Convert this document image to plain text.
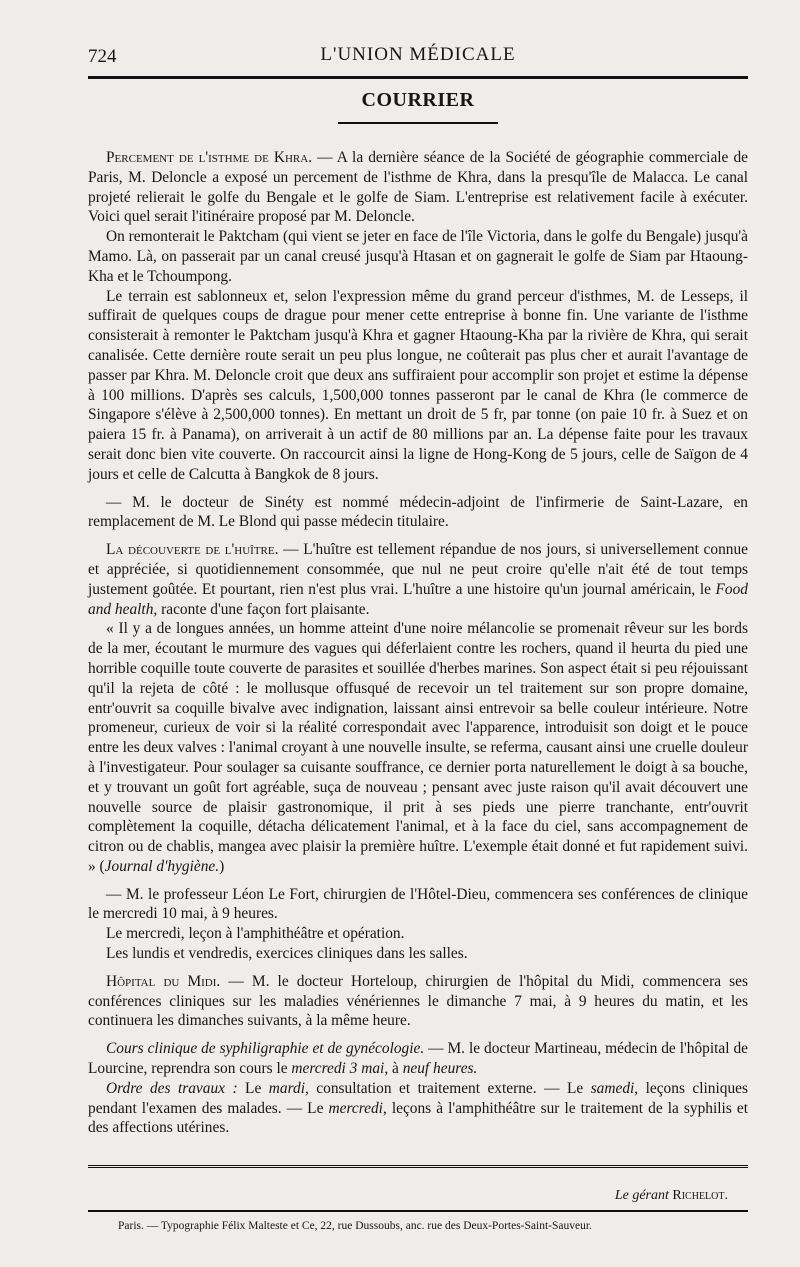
724	L'UNION MÉDICALE
COURRIER

Percement de l'isthme de Khra. — A la dernière séance de la Société de géographie commerciale de Paris, M. Deloncle a exposé un percement de l'isthme de Khra, dans la presqu'île de Malacca. Le canal projeté relierait le golfe du Bengale et le golfe de Siam. L'entreprise est relativement facile à exécuter. Voici quel serait l'itinéraire proposé par M. Deloncle.

On remonterait le Paktcham (qui vient se jeter en face de l'île Victoria, dans le golfe du Bengale) jusqu'à Mamo. Là, on passerait par un canal creusé jusqu'à Htasan et on gagnerait le golfe de Siam par Htaoung-Kha et le Tchoumpong.

Le terrain est sablonneux et, selon l'expression même du grand perceur d'isthmes, M. de Lesseps, il suffirait de quelques coups de drague pour mener cette entreprise à bonne fin. Une variante de l'isthme consisterait à remonter le Paktcham jusqu'à Khra et gagner Htaoung-Kha par la rivière de Khra, qui serait canalisée. Cette dernière route serait un peu plus longue, ne coûterait pas plus cher et aurait l'avantage de passer par Khra. M. Deloncle croit que deux ans suffiraient pour accomplir son projet et estime la dépense à 100 millions. D'après ses calculs, 1,500,000 tonnes passeront par le canal de Khra (le commerce de Singapore s'élève à 2,500,000 tonnes). En mettant un droit de 5 fr, par tonne (on paie 10 fr. à Suez et on paiera 15 fr. à Panama), on arriverait à un actif de 80 millions par an. La dépense faite pour les travaux serait donc bien vite couverte. On raccourcit ainsi la ligne de Hong-Kong de 5 jours, celle de Saïgon de 4 jours et celle de Calcutta à Bangkok de 8 jours.

— M. le docteur de Sinéty est nommé médecin-adjoint de l'infirmerie de Saint-Lazare, en remplacement de M. Le Blond qui passe médecin titulaire.

La découverte de l'huître. — L'huître est tellement répandue de nos jours, si universellement connue et appréciée, si quotidiennement consommée, que nul ne peut croire qu'elle n'ait été de tout temps justement goûtée. Et pourtant, rien n'est plus vrai. L'huître a une histoire qu'un journal américain, le Food and health, raconte d'une façon fort plaisante.

« Il y a de longues années, un homme atteint d'une noire mélancolie se promenait rêveur sur les bords de la mer, écoutant le murmure des vagues qui déferlaient contre les rochers, quand il heurta du pied une horrible coquille toute couverte de parasites et souillée d'herbes marines. Son aspect était si peu réjouissant qu'il la rejeta de côté : le mollusque offusqué de recevoir un tel traitement sur son propre domaine, entr'ouvrit sa coquille bivalve avec indignation, laissant ainsi entrevoir sa belle couleur intérieure. Notre promeneur, curieux de voir si la réalité correspondait avec l'apparence, introduisit son doigt et le pouce entre les deux valves : l'animal croyant à une nouvelle insulte, se referma, causant ainsi une cruelle douleur à l'investigateur. Pour soulager sa cuisante souffrance, ce dernier porta naturellement le doigt à sa bouche, et y trouvant un goût fort agréable, suça de nouveau ; pensant avec juste raison qu'il avait découvert une nouvelle source de plaisir gastronomique, il prit à ses pieds une pierre tranchante, entr'ouvrit complètement la coquille, détacha délicatement l'animal, et à la face du ciel, sans accompagnement de citron ou de chablis, mangea avec plaisir la première huître. L'exemple était donné et fut rapidement suivi. » (Journal d'hygiène.)

— M. le professeur Léon Le Fort, chirurgien de l'Hôtel-Dieu, commencera ses conférences de clinique le mercredi 10 mai, à 9 heures.

Le mercredi, leçon à l'amphithéâtre et opération.

Les lundis et vendredis, exercices cliniques dans les salles.

Hôpital du Midi. — M. le docteur Horteloup, chirurgien de l'hôpital du Midi, commencera ses conférences cliniques sur les maladies vénériennes le dimanche 7 mai, à 9 heures du matin, et les continuera les dimanches suivants, à la même heure.

Cours clinique de syphiligraphie et de gynécologie. — M. le docteur Martineau, médecin de l'hôpital de Lourcine, reprendra son cours le mercredi 3 mai, à neuf heures.

Ordre des travaux : Le mardi, consultation et traitement externe. — Le samedi, leçons cliniques pendant l'examen des malades. — Le mercredi, leçons à l'amphithéâtre sur le traitement de la syphilis et des affections utérines.

Le gérant Richelot.
Paris. — Typographie Félix Malteste et Ce, 22, rue Dussoubs, anc. rue des Deux-Portes-Saint-Sauveur.
